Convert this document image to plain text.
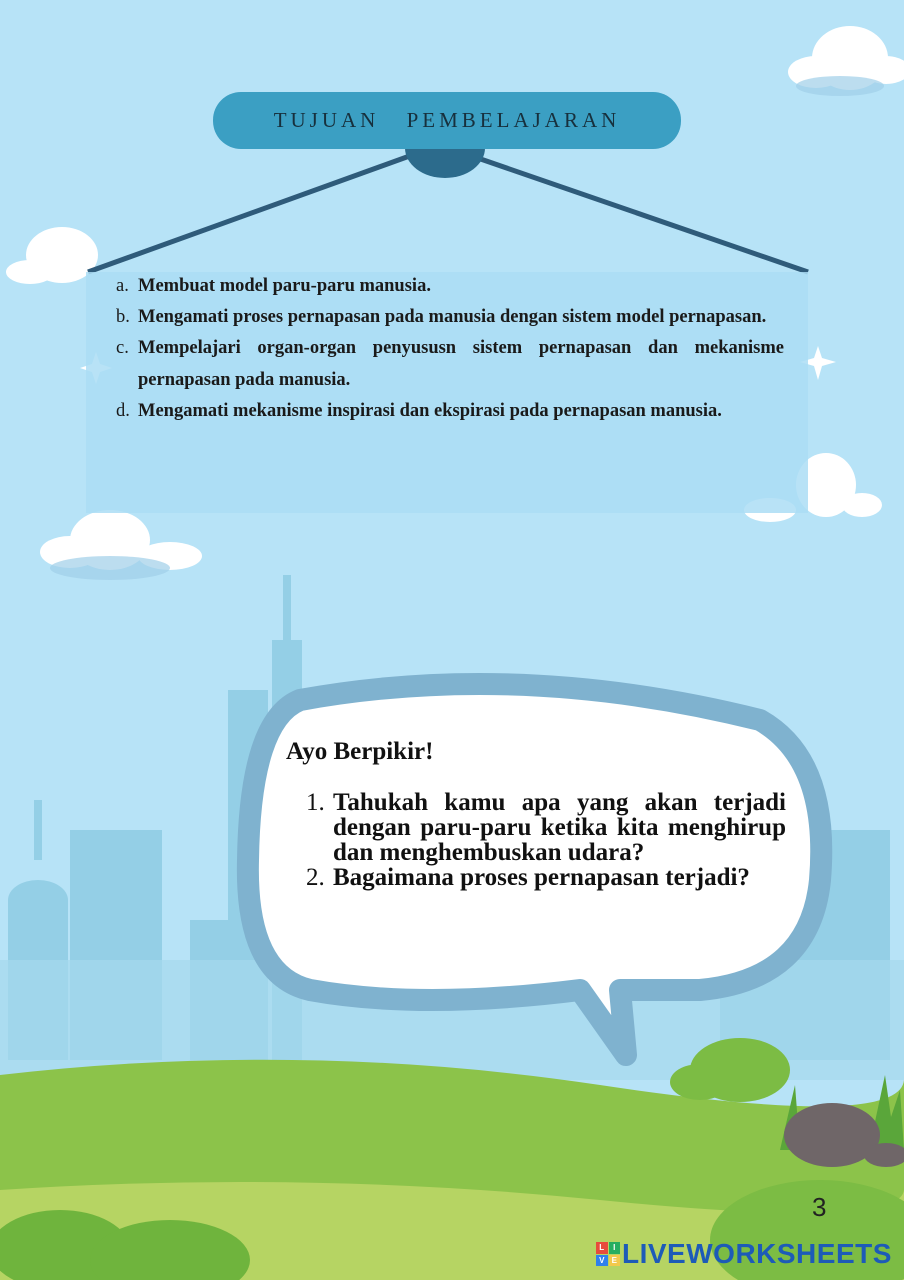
TUJUAN PEMBELAJARAN
a. Membuat model paru-paru manusia.
b. Mengamati proses pernapasan pada manusia dengan sistem model pernapasan.
c. Mempelajari organ-organ penyususn sistem pernapasan dan mekanisme pernapasan pada manusia.
d. Mengamati mekanisme inspirasi dan ekspirasi pada pernapasan manusia.
Ayo Berpikir!
1. Tahukah kamu apa yang akan terjadi dengan paru-paru ketika kita menghirup dan menghembuskan udara?
2. Bagaimana proses pernapasan terjadi?
3
L	I
V E LIVEWORKSHEETS
